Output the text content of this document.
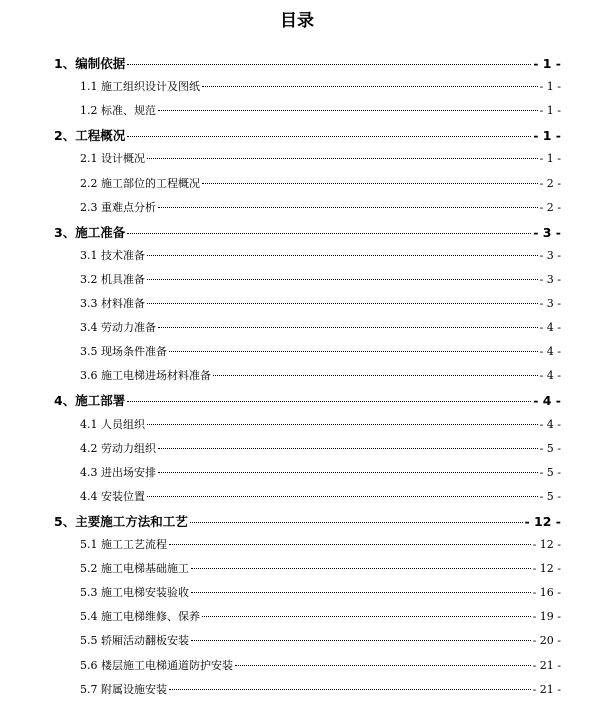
目录
1、编制依据	- 1 -
1.1 施工组织设计及图纸	- 1 -
1.2 标准、规范	- 1 -
2、工程概况	- 1 -
2.1 设计概况	- 1 -
2.2 施工部位的工程概况	- 2 -
2.3 重难点分析	- 2 -
3、施工准备	- 3 -
3.1 技术准备	- 3 -
3.2 机具准备	- 3 -
3.3 材料准备	- 3 -
3.4 劳动力准备	- 4 -
3.5 现场条件准备	- 4 -
3.6 施工电梯进场材料准备	- 4 -
4、施工部署	- 4 -
4.1 人员组织	- 4 -
4.2 劳动力组织	- 5 -
4.3 进出场安排	- 5 -
4.4 安装位置	- 5 -
5、主要施工方法和工艺	- 12 -
5.1 施工工艺流程	- 12 -
5.2 施工电梯基础施工	- 12 -
5.3 施工电梯安装验收	- 16 -
5.4 施工电梯维修、保养	- 19 -
5.5 轿厢活动翻板安装	- 20 -
5.6 楼层施工电梯通道防护安装	- 21 -
5.7 附属设施安装	- 21 -
